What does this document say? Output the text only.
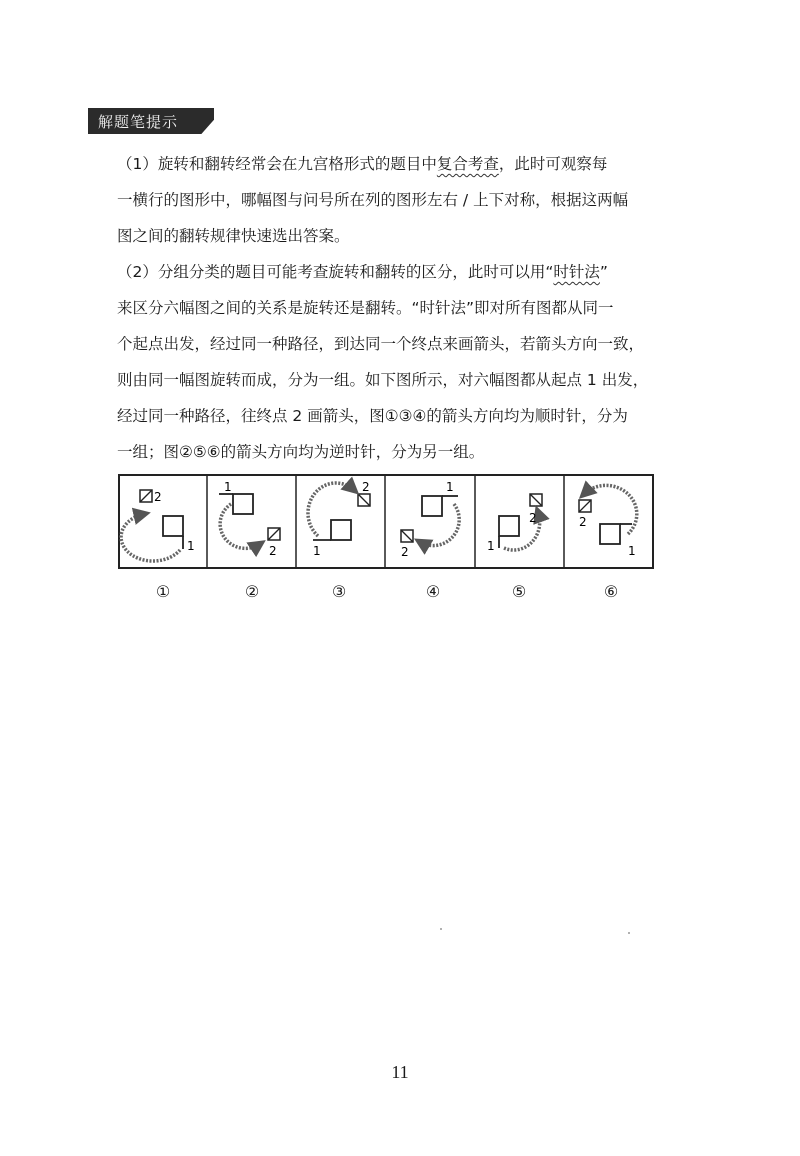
解题笔提示
（1）旋转和翻转经常会在九宫格形式的题目中复合考查，此时可观察每
一横行的图形中，哪幅图与问号所在列的图形左右 / 上下对称，根据这两幅
图之间的翻转规律快速选出答案。
（2）分组分类的题目可能考查旋转和翻转的区分，此时可以用“时针法”
来区分六幅图之间的关系是旋转还是翻转。“时针法”即对所有图都从同一
个起点出发，经过同一种路径，到达同一个终点来画箭头，若箭头方向一致，
则由同一幅图旋转而成，分为一组。如下图所示，对六幅图都从起点 1 出发，
经过同一种路径，往终点 2 画箭头，图①③④的箭头方向均为顺时针，分为
一组；图②⑤⑥的箭头方向均为逆时针，分为另一组。
2
1
1
2
2
1
1
2	1
2	2
1
①	②	③	④	⑤	⑥
11
